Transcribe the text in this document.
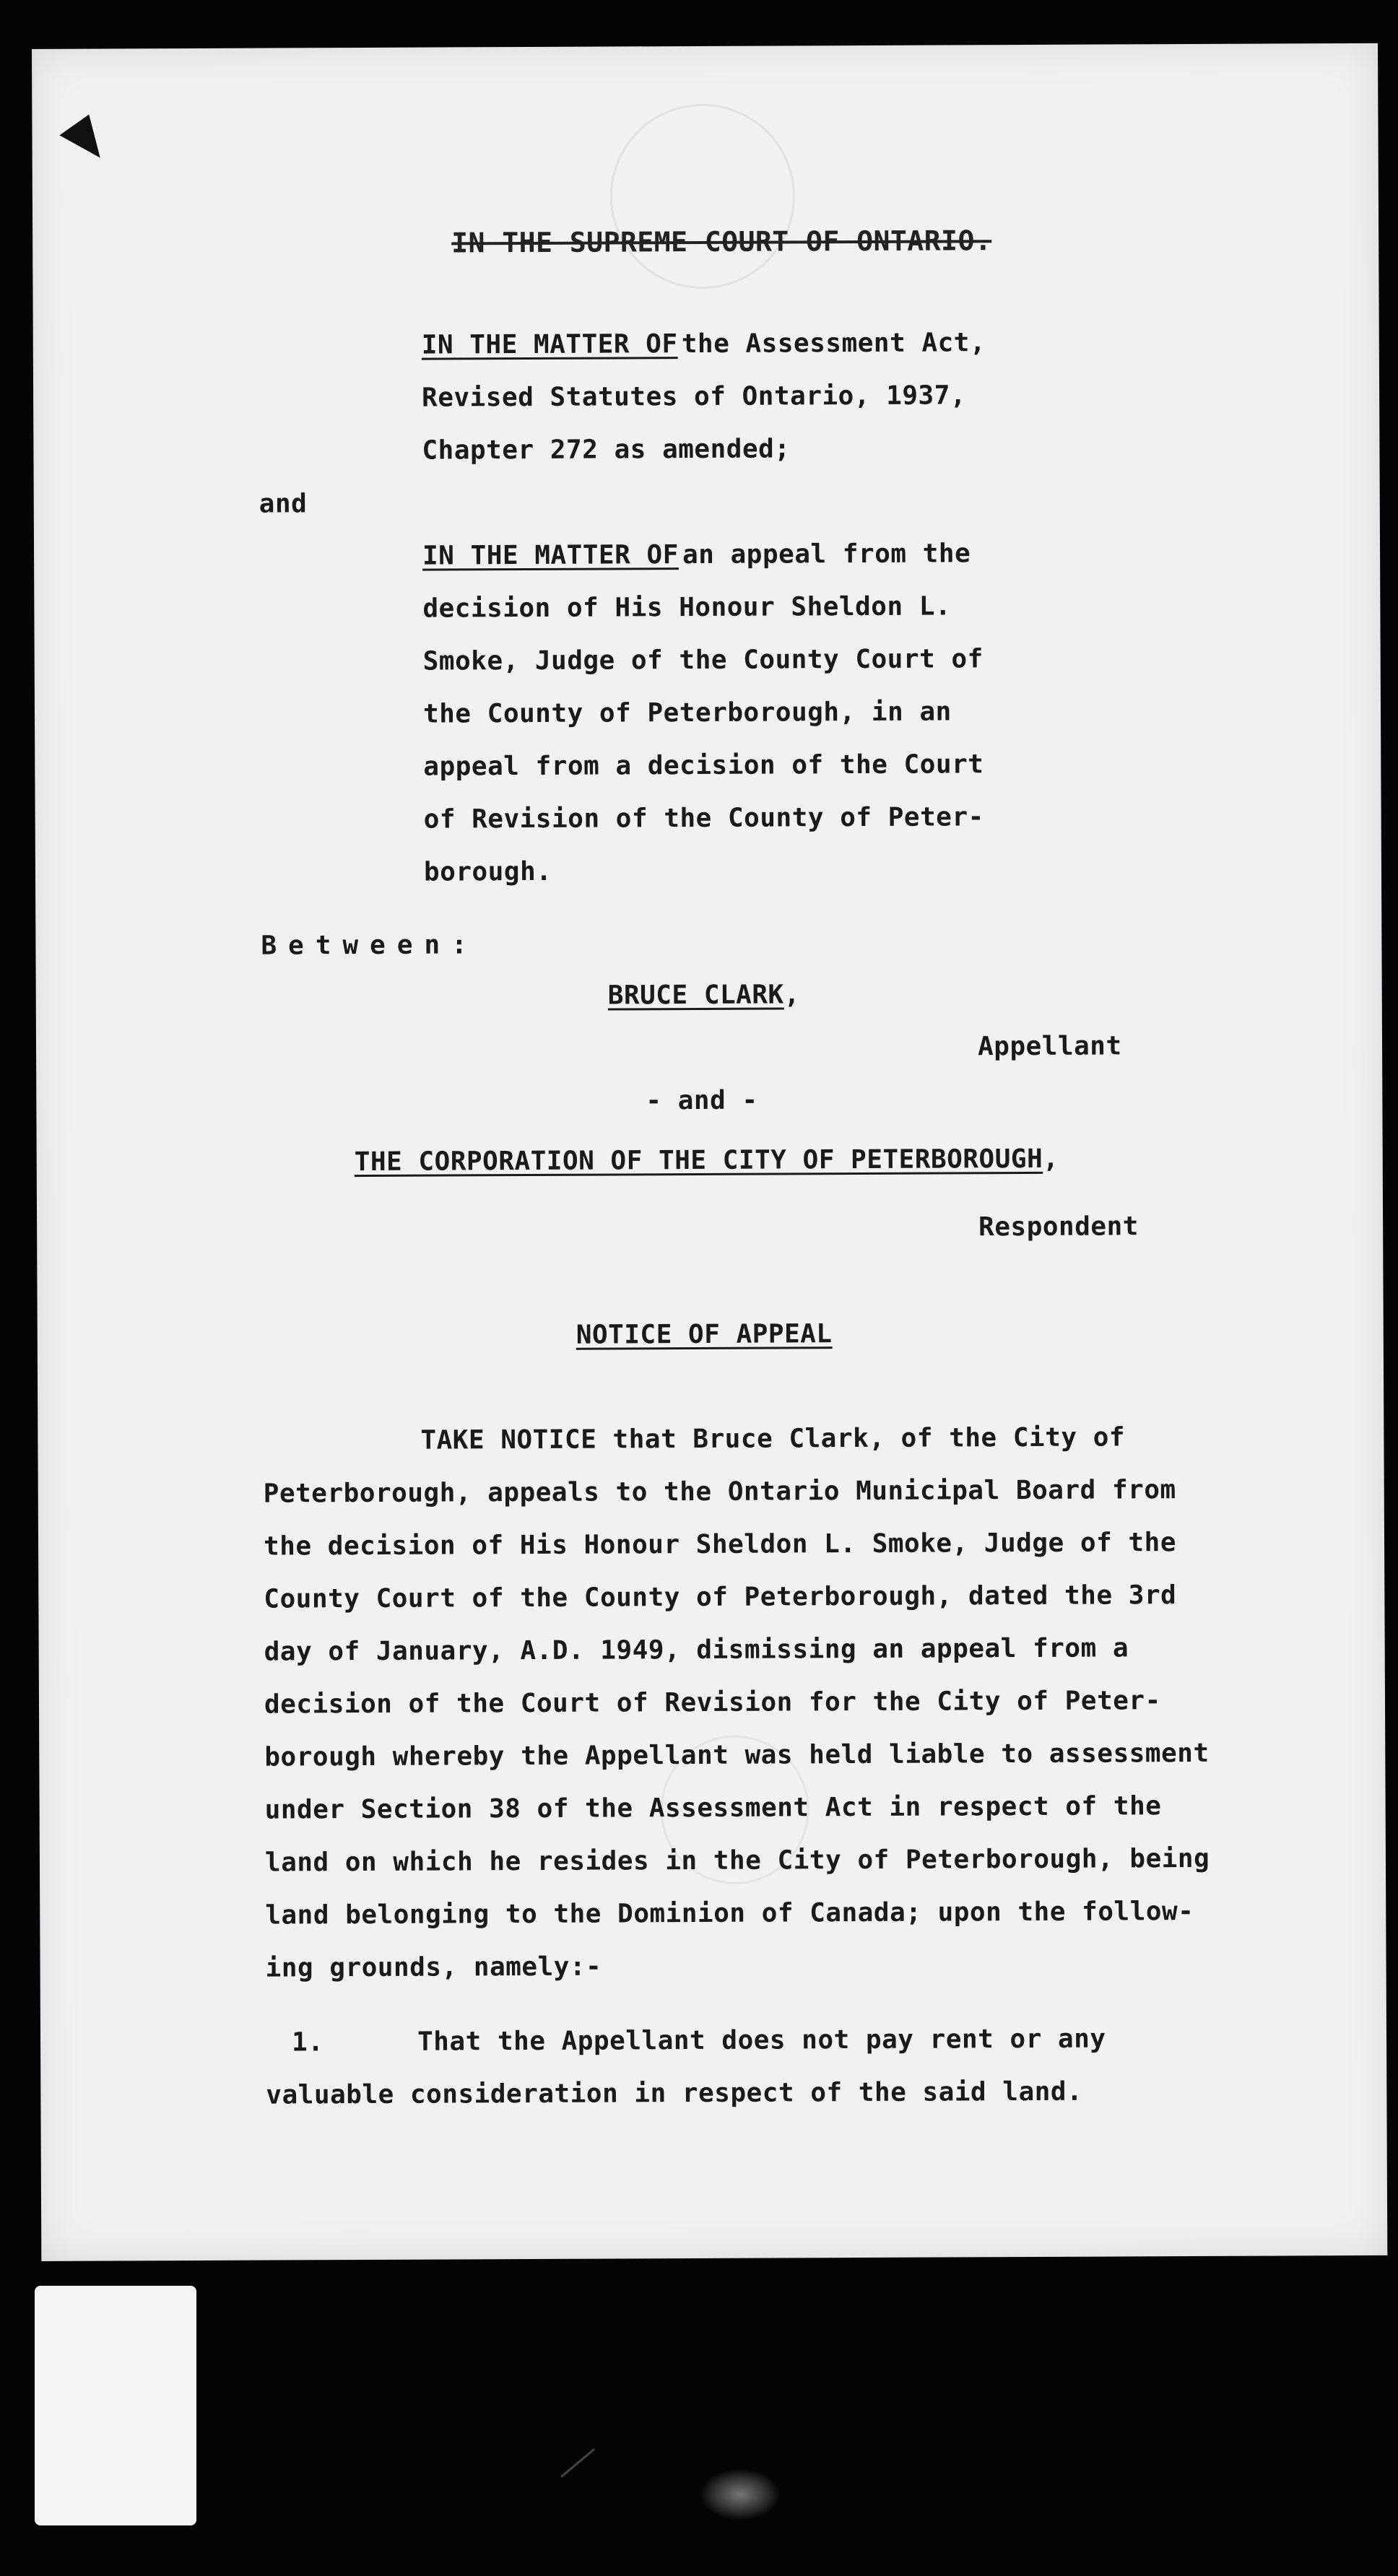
IN THE SUPREME COURT OF ONTARIO.
IN THE MATTER OF the Assessment Act,
Revised Statutes of Ontario, 1937,
Chapter 272 as amended;
and
IN THE MATTER OF an appeal from the
decision of His Honour Sheldon L.
Smoke, Judge of the County Court of
the County of Peterborough, in an
appeal from a decision of the Court
of Revision of the County of Peter-
borough.
Between:
BRUCE CLARK,
Appellant
- and -
THE CORPORATION OF THE CITY OF PETERBOROUGH,
Respondent
NOTICE OF APPEAL
TAKE NOTICE that Bruce Clark, of the City of
Peterborough, appeals to the Ontario Municipal Board from
the decision of His Honour Sheldon L. Smoke, Judge of the
County Court of the County of Peterborough, dated the 3rd
day of January, A.D. 1949, dismissing an appeal from a
decision of the Court of Revision for the City of Peter-
borough whereby the Appellant was held liable to assessment
under Section 38 of the Assessment Act in respect of the
land on which he resides in the City of Peterborough, being
land belonging to the Dominion of Canada; upon the follow-
ing grounds, namely:-
1.	That the Appellant does not pay rent or any
valuable consideration in respect of the said land.
